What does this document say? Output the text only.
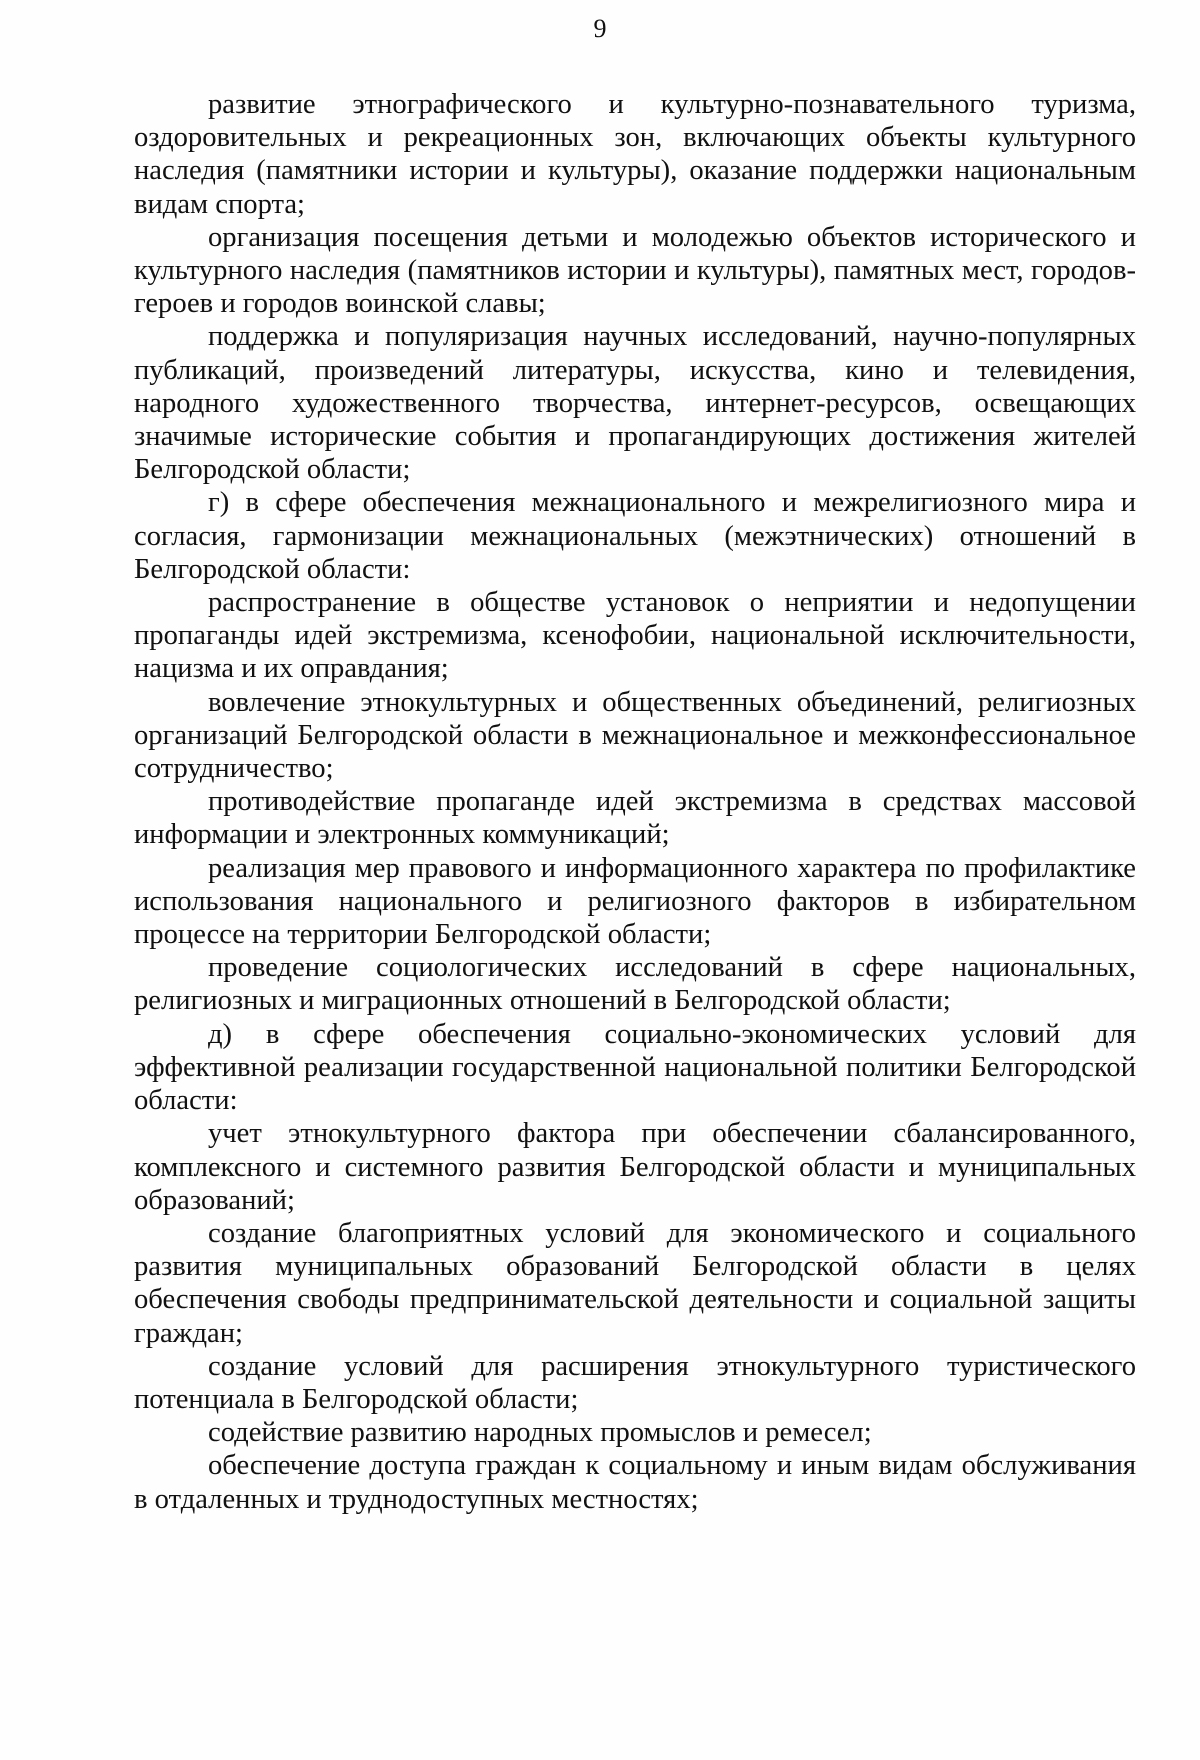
9

развитие этнографического и культурно-познавательного туризма, оздоровительных и рекреационных зон, включающих объекты культурного наследия (памятники истории и культуры), оказание поддержки национальным видам спорта;

организация посещения детьми и молодежью объектов исторического и культурного наследия (памятников истории и культуры), памятных мест, городов-героев и городов воинской славы;

поддержка и популяризация научных исследований, научно-популярных публикаций, произведений литературы, искусства, кино и телевидения, народного художественного творчества, интернет-ресурсов, освещающих значимые исторические события и пропагандирующих достижения жителей Белгородской области;

г) в сфере обеспечения межнационального и межрелигиозного мира и согласия, гармонизации межнациональных (межэтнических) отношений в Белгородской области:

распространение в обществе установок о неприятии и недопущении пропаганды идей экстремизма, ксенофобии, национальной исключительности, нацизма и их оправдания;

вовлечение этнокультурных и общественных объединений, религиозных организаций Белгородской области в межнациональное и межконфессиональное сотрудничество;

противодействие пропаганде идей экстремизма в средствах массовой информации и электронных коммуникаций;

реализация мер правового и информационного характера по профилактике использования национального и религиозного факторов в избирательном процессе на территории Белгородской области;

проведение социологических исследований в сфере национальных, религиозных и миграционных отношений в Белгородской области;

д) в сфере обеспечения социально-экономических условий для эффективной реализации государственной национальной политики Белгородской области:

учет этнокультурного фактора при обеспечении сбалансированного, комплексного и системного развития Белгородской области и муниципальных образований;

создание благоприятных условий для экономического и социального развития муниципальных образований Белгородской области в целях обеспечения свободы предпринимательской деятельности и социальной защиты граждан;

создание условий для расширения этнокультурного туристического потенциала в Белгородской области;

содействие развитию народных промыслов и ремесел;

обеспечение доступа граждан к социальному и иным видам обслуживания в отдаленных и труднодоступных местностях;
